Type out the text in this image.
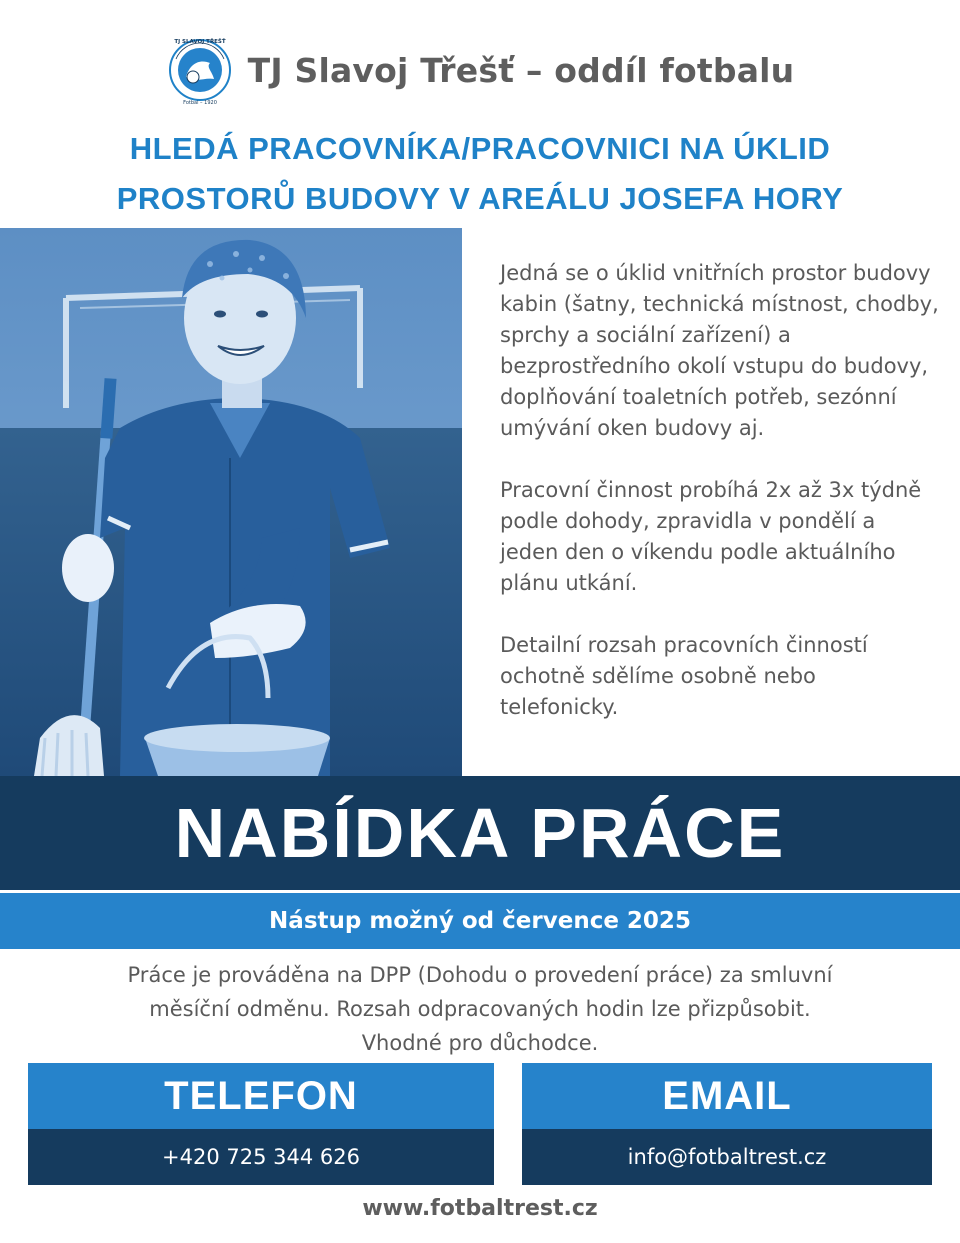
TJ SLAVOJ TŘEŠŤ
Fotbal – 1920
TJ Slavoj Třešť – oddíl fotbalu
HLEDÁ PRACOVNÍKA/PRACOVNICI NA ÚKLID
PROSTORŮ BUDOVY V AREÁLU JOSEFA HORY

Jedná se o úklid vnitřních prostor budovy kabin (šatny, technická místnost, chodby, sprchy a sociální zařízení) a bezprostředního okolí vstupu do budovy, doplňování toaletních potřeb, sezónní umývání oken budovy aj.

Pracovní činnost probíhá 2x až 3x týdně podle dohody, zpravidla v pondělí a jeden den o víkendu podle aktuálního plánu utkání.

Detailní rozsah pracovních činností ochotně sdělíme osobně nebo telefonicky.

NABÍDKA PRÁCE
Nástup možný od července 2025
Práce je prováděna na DPP (Dohodu o provedení práce) za smluvní
měsíční odměnu. Rozsah odpracovaných hodin lze přizpůsobit.
Vhodné pro důchodce.
TELEFON
+420 725 344 626
EMAIL
info@fotbaltrest.cz
www.fotbaltrest.cz
